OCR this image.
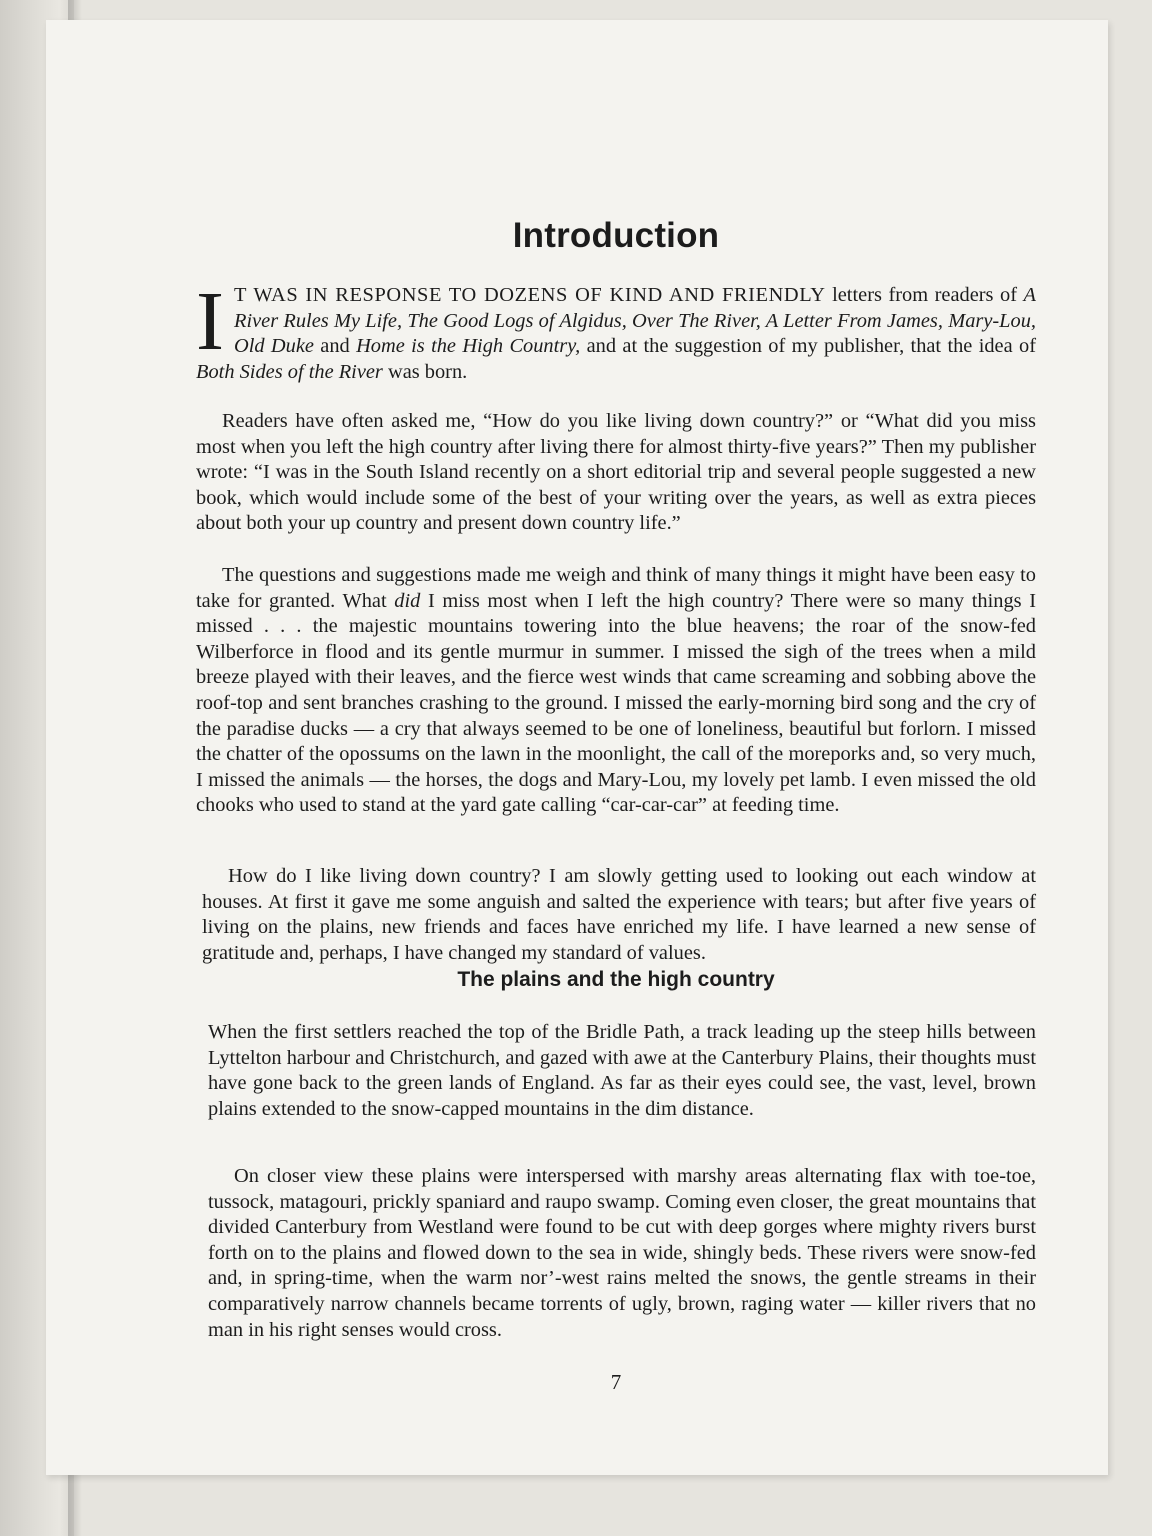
Introduction

I T WAS IN RESPONSE TO DOZENS OF KIND AND FRIENDLY letters from readers of A River Rules My Life, The Good Logs of Algidus, Over The River, A Letter From James, Mary-Lou, Old Duke and Home is the High Country, and at the suggestion of my publisher, that the idea of Both Sides of the River was born.

Readers have often asked me, “How do you like living down country?” or “What did you miss most when you left the high country after living there for almost thirty-five years?” Then my publisher wrote: “I was in the South Island recently on a short editorial trip and several people suggested a new book, which would include some of the best of your writing over the years, as well as extra pieces about both your up country and present down country life.”

The questions and suggestions made me weigh and think of many things it might have been easy to take for granted. What did I miss most when I left the high country? There were so many things I missed . . . the majestic mountains towering into the blue heavens; the roar of the snow-fed Wilberforce in flood and its gentle murmur in summer. I missed the sigh of the trees when a mild breeze played with their leaves, and the fierce west winds that came screaming and sobbing above the roof-top and sent branches crashing to the ground. I missed the early-morning bird song and the cry of the paradise ducks — a cry that always seemed to be one of loneliness, beautiful but forlorn. I missed the chatter of the opossums on the lawn in the moonlight, the call of the moreporks and, so very much, I missed the animals — the horses, the dogs and Mary-Lou, my lovely pet lamb. I even missed the old chooks who used to stand at the yard gate calling “car-car-car” at feeding time.

How do I like living down country? I am slowly getting used to looking out each window at houses. At first it gave me some anguish and salted the experience with tears; but after five years of living on the plains, new friends and faces have enriched my life. I have learned a new sense of gratitude and, perhaps, I have changed my standard of values.

The plains and the high country

When the first settlers reached the top of the Bridle Path, a track leading up the steep hills between Lyttelton harbour and Christchurch, and gazed with awe at the Canterbury Plains, their thoughts must have gone back to the green lands of England. As far as their eyes could see, the vast, level, brown plains extended to the snow-capped mountains in the dim distance.

On closer view these plains were interspersed with marshy areas alternating flax with toe-toe, tussock, matagouri, prickly spaniard and raupo swamp. Coming even closer, the great mountains that divided Canterbury from Westland were found to be cut with deep gorges where mighty rivers burst forth on to the plains and flowed down to the sea in wide, shingly beds. These rivers were snow-fed and, in spring-time, when the warm nor’-west rains melted the snows, the gentle streams in their comparatively narrow channels became torrents of ugly, brown, raging water — killer rivers that no man in his right senses would cross.

7
